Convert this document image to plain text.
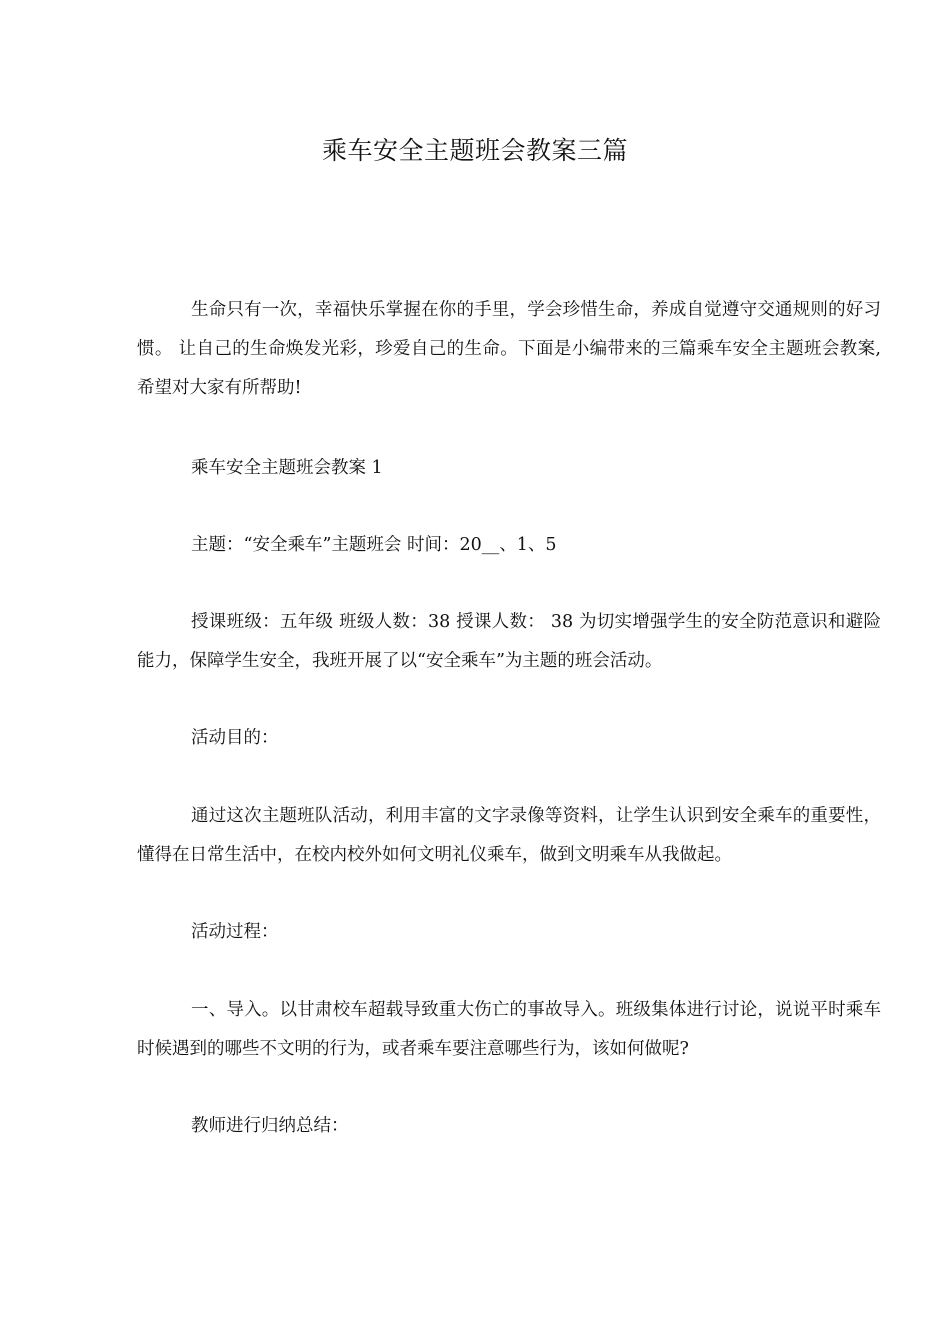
乘车安全主题班会教案三篇

生命只有一次，幸福快乐掌握在你的手里，学会珍惜生命，养成自觉遵守交通规则的好习惯。 让自己的生命焕发光彩，珍爱自己的生命。下面是小编带来的三篇乘车安全主题班会教案,希望对大家有所帮助!

乘车安全主题班会教案 1

主题：“安全乘车”主题班会 时间：20__、1、5

授课班级：五年级 班级人数：38 授课人数： 38 为切实增强学生的安全防范意识和避险能力，保障学生安全，我班开展了以“安全乘车”为主题的班会活动。

活动目的：

通过这次主题班队活动，利用丰富的文字录像等资料，让学生认识到安全乘车的重要性，懂得在日常生活中，在校内校外如何文明礼仪乘车，做到文明乘车从我做起。

活动过程：

一、导入。以甘肃校车超载导致重大伤亡的事故导入。班级集体进行讨论，说说平时乘车时候遇到的哪些不文明的行为，或者乘车要注意哪些行为，该如何做呢?

教师进行归纳总结：
